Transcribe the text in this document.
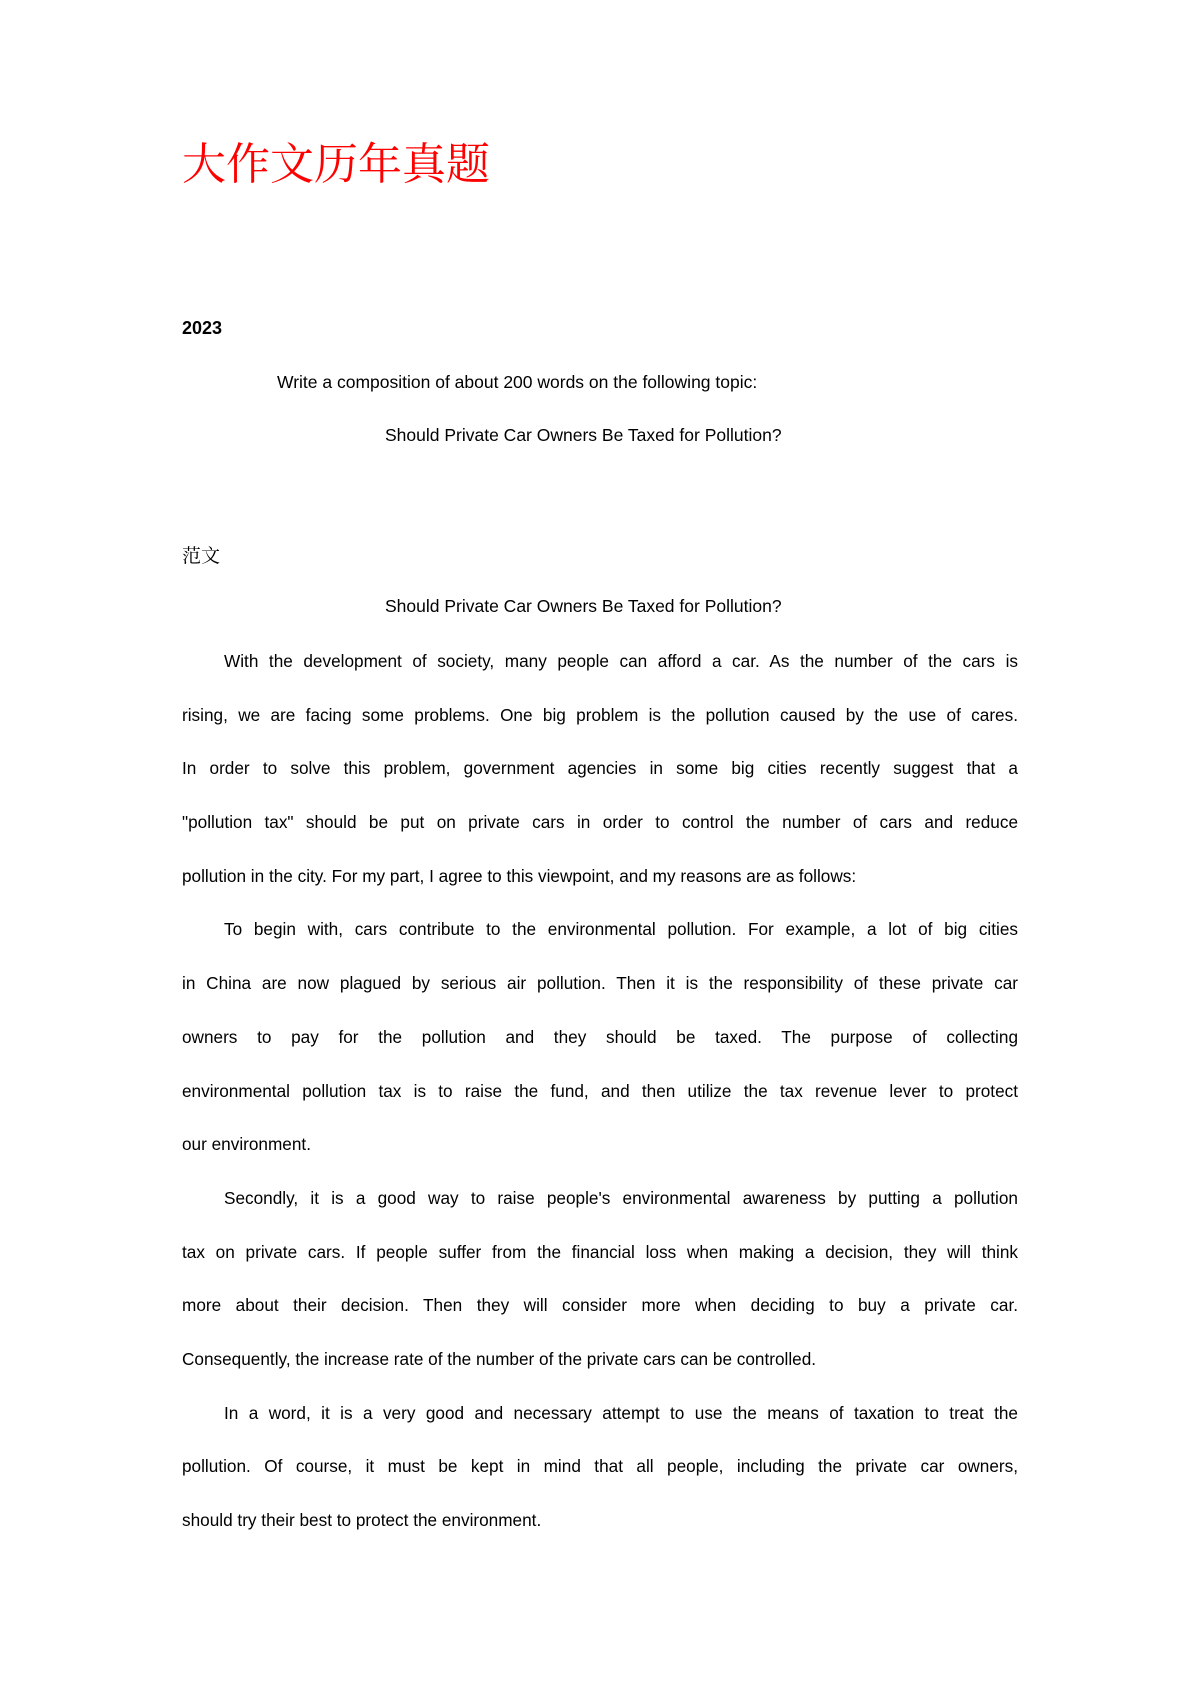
大作文历年真题
2023
Write a composition of about 200 words on the following topic:
Should Private Car Owners Be Taxed for Pollution?
范文
Should Private Car Owners Be Taxed for Pollution?
With the development of society, many people can afford a car. As the number of the cars is
rising, we are facing some problems. One big problem is the pollution caused by the use of cares.
In order to solve this problem, government agencies in some big cities recently suggest that a
"pollution tax" should be put on private cars in order to control the number of cars and reduce
pollution in the city. For my part, I agree to this viewpoint, and my reasons are as follows:
To begin with, cars contribute to the environmental pollution. For example, a lot of big cities
in China are now plagued by serious air pollution. Then it is the responsibility of these private car
owners to pay for the pollution and they should be taxed. The purpose of collecting
environmental pollution tax is to raise the fund, and then utilize the tax revenue lever to protect
our environment.
Secondly, it is a good way to raise people's environmental awareness by putting a pollution
tax on private cars. If people suffer from the financial loss when making a decision, they will think
more about their decision. Then they will consider more when deciding to buy a private car.
Consequently, the increase rate of the number of the private cars can be controlled.
In a word, it is a very good and necessary attempt to use the means of taxation to treat the
pollution. Of course, it must be kept in mind that all people, including the private car owners,
should try their best to protect the environment.
